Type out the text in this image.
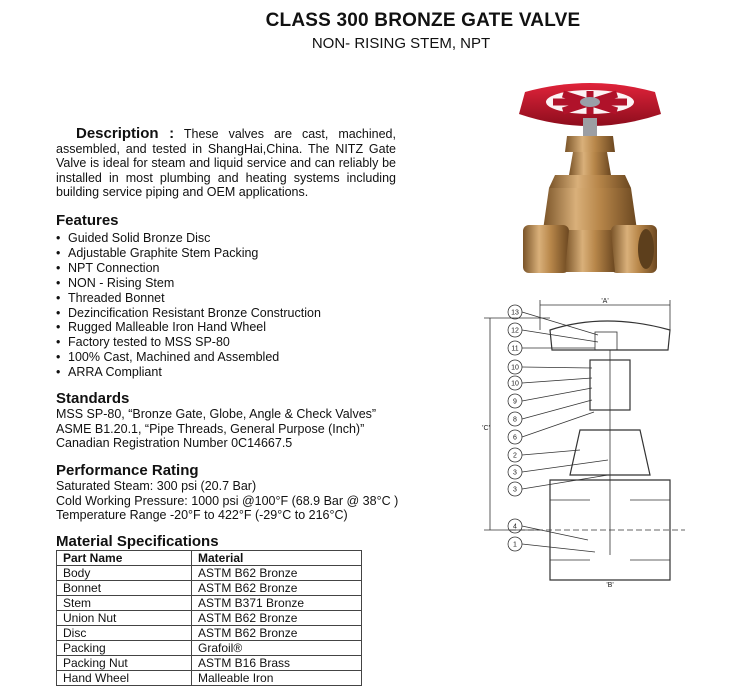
CLASS 300 BRONZE GATE VALVE
NON- RISING STEM, NPT
Description : These valves are cast, machined, assembled, and tested in ShangHai,China. The NITZ Gate Valve is ideal for steam and liquid service and can reliably be installed in most plumbing and heating systems including building service piping and OEM applications.
Features
• Guided Solid Bronze Disc
• Adjustable Graphite Stem Packing
• NPT Connection
• NON - Rising Stem
• Threaded Bonnet
• Dezincification Resistant Bronze Construction
• Rugged Malleable Iron Hand Wheel
• Factory tested to MSS SP-80
• 100% Cast, Machined and Assembled
• ARRA Compliant
Standards
MSS SP-80, “Bronze Gate, Globe, Angle & Check Valves”
ASME B1.20.1, “Pipe Threads, General Purpose (Inch)”
Canadian Registration Number 0C14667.5
Performance Rating
Saturated Steam: 300 psi (20.7 Bar)
Cold Working Pressure: 1000 psi @100°F (68.9 Bar @ 38°C )
Temperature Range -20°F to 422°F (-29°C to 216°C)
Material Specifications
Part Name	Material
Body	ASTM B62 Bronze
Bonnet	ASTM B62 Bronze
Stem	ASTM B371 Bronze
Union Nut	ASTM B62 Bronze
Disc	ASTM B62 Bronze
Packing	Grafoil®
Packing Nut	ASTM B16 Brass
Hand Wheel	Malleable Iron
'A'
'C'
'B'
13
12
11
10
10
9
8
6
2
3
3
4
1
